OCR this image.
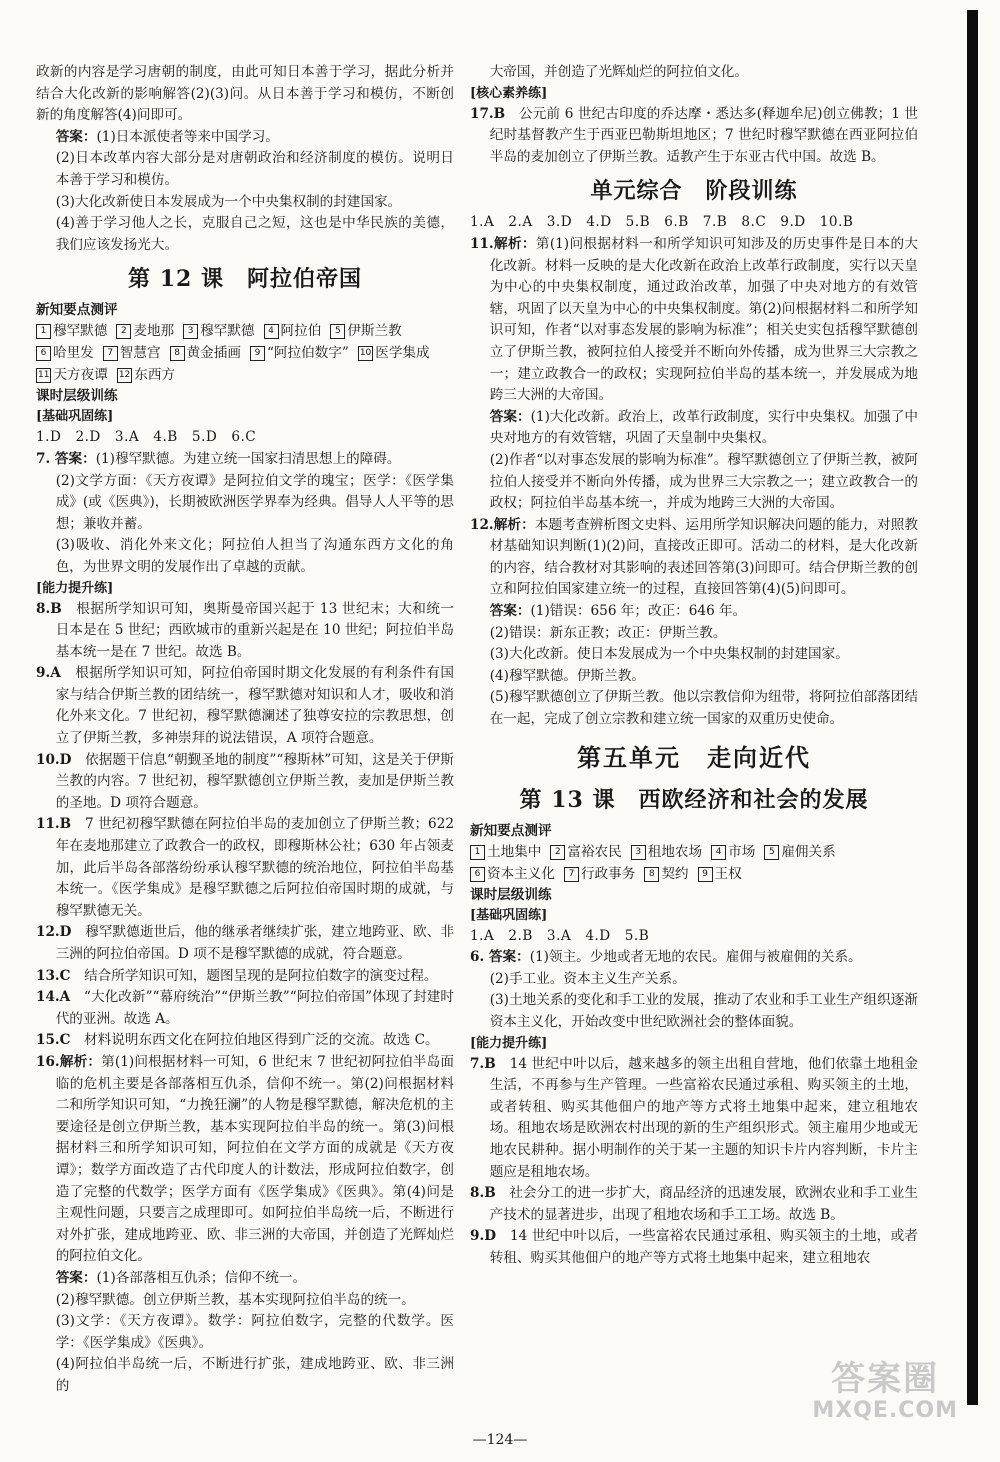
政新的内容是学习唐朝的制度，由此可知日本善于学习，据此分析并结合大化改新的影响解答(2)(3)问。从日本善于学习和模仿，不断创新的角度解答(4)问即可。

答案：(1)日本派使者等来中国学习。

(2)日本改革内容大部分是对唐朝政治和经济制度的模仿。说明日本善于学习和模仿。

(3)大化改新使日本发展成为一个中央集权制的封建国家。

(4)善于学习他人之长，克服自己之短，这也是中华民族的美德，我们应该发扬光大。

第 12 课　阿拉伯帝国
新知要点测评
1 穆罕默德	2 麦地那	3 穆罕默德	4 阿拉伯	5 伊斯兰教
6 哈里发	7 智慧宫	8 黄金插画	9 “阿拉伯数字” 10 医学集成
11 天方夜谭 12 东西方
课时层级训练
[基础巩固练]

1.D　2.D　3.A　4.B　5.D　6.C

7. 答案：(1)穆罕默德。为建立统一国家扫清思想上的障碍。

(2)文学方面：《天方夜谭》是阿拉伯文学的瑰宝；医学：《医学集成》(或《医典》)，长期被欧洲医学界奉为经典。倡导人人平等的思想；兼收并蓄。

(3)吸收、消化外来文化；阿拉伯人担当了沟通东西方文化的角色，为世界文明的发展作出了卓越的贡献。

[能力提升练]

8.B　根据所学知识可知，奥斯曼帝国兴起于 13 世纪末；大和统一日本是在 5 世纪；西欧城市的重新兴起是在 10 世纪；阿拉伯半岛基本统一是在 7 世纪。故选 B。

9.A　根据所学知识可知，阿拉伯帝国时期文化发展的有利条件有国家与结合伊斯兰教的团结统一，穆罕默德对知识和人才，吸收和消化外来文化。7 世纪初，穆罕默德澜述了独尊安拉的宗教思想，创立了伊斯兰教，多神崇拜的说法错误，A 项符合题意。

10.D　依据题干信息“朝觐圣地的制度”“穆斯林”可知，这是关于伊斯兰教的内容。7 世纪初，穆罕默德创立伊斯兰教，麦加是伊斯兰教的圣地。D 项符合题意。

11.B　7 世纪初穆罕默德在阿拉伯半岛的麦加创立了伊斯兰教；622 年在麦地那建立了政教合一的政权，即穆斯林公社；630 年占领麦加，此后半岛各部落纷纷承认穆罕默德的统治地位，阿拉伯半岛基本统一。《医学集成》是穆罕默德之后阿拉伯帝国时期的成就，与穆罕默德无关。

12.D　穆罕默德逝世后，他的继承者继续扩张，建立地跨亚、欧、非三洲的阿拉伯帝国。D 项不是穆罕默德的成就，符合题意。

13.C　结合所学知识可知，题图呈现的是阿拉伯数字的演变过程。

14.A　“大化改新”“幕府统治”“伊斯兰教”“阿拉伯帝国”体现了封建时代的亚洲。故选 A。

15.C　材料说明东西文化在阿拉伯地区得到广泛的交流。故选 C。

16.解析：第(1)问根据材料一可知，6 世纪末 7 世纪初阿拉伯半岛面临的危机主要是各部落相互仇杀，信仰不统一。第(2)问根据材料二和所学知识可知，“力挽狂澜”的人物是穆罕默德，解决危机的主要途径是创立伊斯兰教，基本实现阿拉伯半岛的统一。第(3)问根据材料三和所学知识可知，阿拉伯在文学方面的成就是《天方夜谭》；数学方面改造了古代印度人的计数法，形成阿拉伯数字，创造了完整的代数学；医学方面有《医学集成》《医典》。第(4)问是主观性问题，只要言之成理即可。如阿拉伯半岛统一后，不断进行对外扩张，建成地跨亚、欧、非三洲的大帝国，并创造了光辉灿烂的阿拉伯文化。

答案：(1)各部落相互仇杀；信仰不统一。

(2)穆罕默德。创立伊斯兰教，基本实现阿拉伯半岛的统一。

(3)文学：《天方夜谭》。数学：阿拉伯数字，完整的代数学。医学：《医学集成》《医典》。

(4)阿拉伯半岛统一后，不断进行扩张，建成地跨亚、欧、非三洲的

大帝国，并创造了光辉灿烂的阿拉伯文化。

[核心素养练]

17.B　公元前 6 世纪古印度的乔达摩・悉达多(释迦牟尼)创立佛教；1 世纪时基督教产生于西亚巴勒斯坦地区；7 世纪时穆罕默德在西亚阿拉伯半岛的麦加创立了伊斯兰教。适教产生于东亚古代中国。故选 B。

单元综合　阶段训练

1.A　2.A　3.D　4.D　5.B　6.B　7.B　8.C　9.D　10.B

11.解析：第(1)问根据材料一和所学知识可知涉及的历史事件是日本的大化改新。材料一反映的是大化改新在政治上改革行政制度，实行以天皇为中心的中央集权制度，通过政治改革，加强了中央对地方的有效管辖，巩固了以天皇为中心的中央集权制度。第(2)问根据材料二和所学知识可知，作者“以对事态发展的影响为标准”；相关史实包括穆罕默德创立了伊斯兰教，被阿拉伯人接受并不断向外传播，成为世界三大宗教之一；建立政教合一的政权；实现阿拉伯半岛的基本统一，并发展成为地跨三大洲的大帝国。

答案：(1)大化改新。政治上，改革行政制度，实行中央集权。加强了中央对地方的有效管辖，巩固了天皇制中央集权。

(2)作者“以对事态发展的影响为标准”。穆罕默德创立了伊斯兰教，被阿拉伯人接受并不断向外传播，成为世界三大宗教之一；建立政教合一的政权；阿拉伯半岛基本统一，并成为地跨三大洲的大帝国。

12.解析：本题考查辨析图文史料、运用所学知识解决问题的能力，对照教材基础知识判断(1)(2)问，直接改正即可。活动二的材料，是大化改新的内容，结合教材对其影响的表述回答第(3)问即可。结合伊斯兰教的创立和阿拉伯国家建立统一的过程，直接回答第(4)(5)问即可。

答案：(1)错误：656 年；改正：646 年。

(2)错误：新东正教；改正：伊斯兰教。

(3)大化改新。使日本发展成为一个中央集权制的封建国家。

(4)穆罕默德。伊斯兰教。

(5)穆罕默德创立了伊斯兰教。他以宗教信仰为纽带，将阿拉伯部落团结在一起，完成了创立宗教和建立统一国家的双重历史使命。

第五单元　走向近代
第 13 课　西欧经济和社会的发展
新知要点测评
1 土地集中	2 富裕农民	3 租地农场	4 市场	5 雇佣关系
6 资本主义化	7 行政事务	8 契约	9 王权
课时层级训练
[基础巩固练]

1.A　2.B　3.A　4.D　5.B

6. 答案：(1)领主。少地或者无地的农民。雇佣与被雇佣的关系。

(2)手工业。资本主义生产关系。

(3)土地关系的变化和手工业的发展，推动了农业和手工业生产组织逐渐资本主义化，开始改变中世纪欧洲社会的整体面貌。

[能力提升练]

7.B　14 世纪中叶以后，越来越多的领主出租自营地，他们依靠土地租金生活，不再参与生产管理。一些富裕农民通过承租、购买领主的土地，或者转租、购买其他佃户的地产等方式将土地集中起来，建立租地农场。租地农场是欧洲农村出现的新的生产组织形式。领主雇用少地或无地农民耕种。据小明制作的关于某一主题的知识卡片内容判断，卡片主题应是租地农场。

8.B　社会分工的进一步扩大，商品经济的迅速发展，欧洲农业和手工业生产技术的显著进步，出现了租地农场和手工工场。故选 B。

9.D　14 世纪中叶以后，一些富裕农民通过承租、购买领主的土地，或者转租、购买其他佃户的地产等方式将土地集中起来，建立租地农

—124—
答案圈
MXQE.COM
